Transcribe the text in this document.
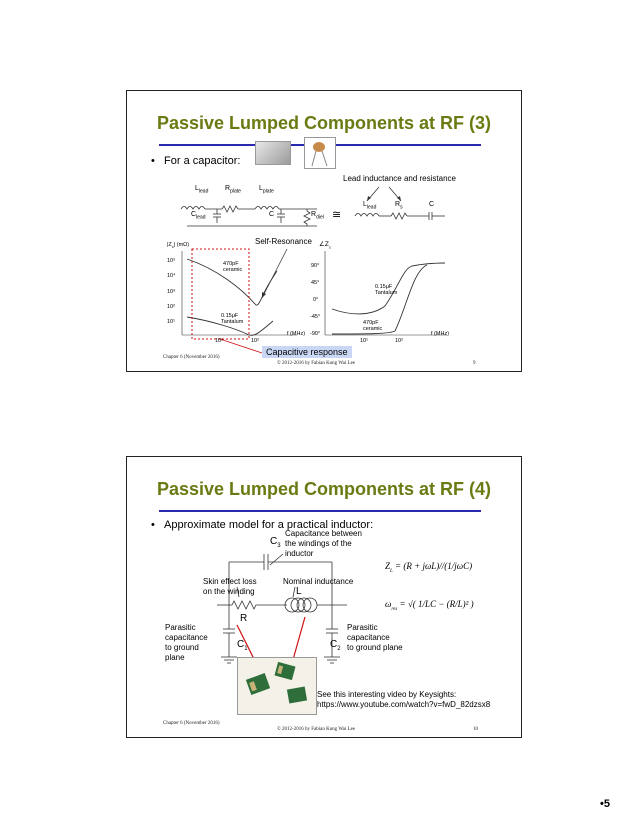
Passive Lumped Components at RF (3)
•   For a capacitor:
$L_{lead}$ $R_{plate}$	$L_{plate}$
$C_{lead}$	C	$R_{diel}$ ≅
$L_{lead}$	$R_s$	C
Lead inductance and resistance
Self-Resonance
$|Z_c|$ (mΩ)
10⁵
10⁴
10³
10²
10¹
10¹	10²
f (MHz)
470pF
ceramic
0.15μF
Tantalum
$\angle Z_c$
90°
45°
0°
-45°
-90°
10¹	10²
f (MHz)
0.15μF
Tantalum
470pF
ceramic
Capacitive response
Chapter 6 (November 2016)
© 2012-2016 by Fabian Kung Wai Lee	9
Passive Lumped Components at RF (4)
•   Approximate model for a practical inductor:
$C_3$
Capacitance between
the windings of the
inductor
Skin effect loss
on the winding
Nominal inductance
L
R
$C_1$	$C_2$
Parasitic
capacitance
to ground
plane
Parasitic
capacitance
to ground plane
$Z_L = (R + j\omega L)//(1/j\omega C)$
$\omega_{res}$ = √( 1/LC − (R/L)² )
See this interesting video by Keysights:
https://www.youtube.com/watch?v=fwD_82dzsx8
Chapter 6 (November 2016)
© 2012-2016 by Fabian Kung Wai Lee	10
•5
